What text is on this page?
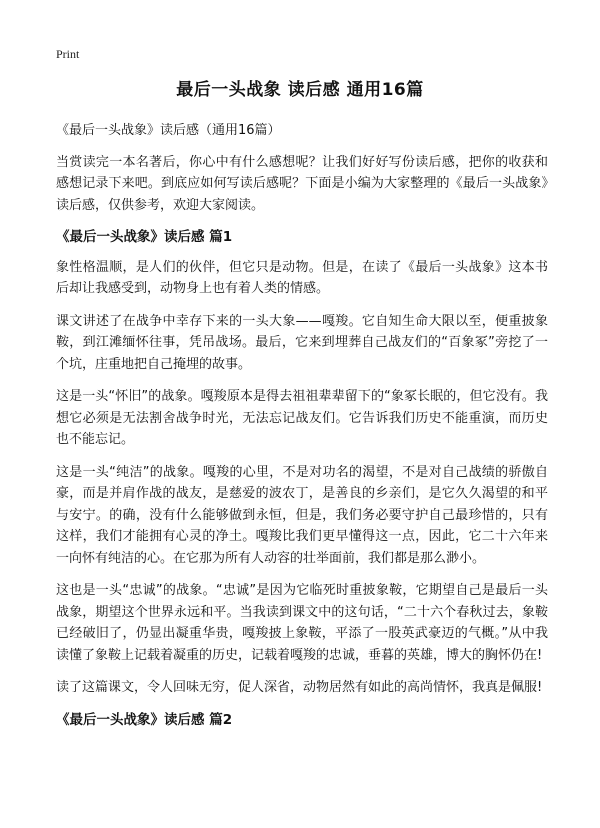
Print
最后一头战象 读后感 通用16篇

《最后一头战象》读后感（通用16篇）

当赏读完一本名著后，你心中有什么感想呢？让我们好好写份读后感，把你的收获和感想记录下来吧。到底应如何写读后感呢？下面是小编为大家整理的《最后一头战象》读后感，仅供参考，欢迎大家阅读。

《最后一头战象》读后感 篇1

象性格温顺，是人们的伙伴，但它只是动物。但是，在读了《最后一头战象》这本书后却让我感受到，动物身上也有着人类的情感。

课文讲述了在战争中幸存下来的一头大象——嘎羧。它自知生命大限以至，便重披象鞍，到江滩缅怀往事，凭吊战场。最后，它来到埋葬自己战友们的“百象冢”旁挖了一个坑，庄重地把自己掩埋的故事。

这是一头“怀旧”的战象。嘎羧原本是得去祖祖辈辈留下的“象冢长眠的，但它没有。我想它必须是无法割舍战争时光，无法忘记战友们。它告诉我们历史不能重演，而历史也不能忘记。

这是一头“纯洁”的战象。嘎羧的心里，不是对功名的渴望，不是对自己战绩的骄傲自豪，而是并肩作战的战友，是慈爱的波农丁，是善良的乡亲们，是它久久渴望的和平与安宁。的确，没有什么能够做到永恒，但是，我们务必要守护自己最珍惜的，只有这样，我们才能拥有心灵的净土。嘎羧比我们更早懂得这一点，因此，它二十六年来一向怀有纯洁的心。在它那为所有人动容的壮举面前，我们都是那么渺小。

这也是一头“忠诚”的战象。“忠诚”是因为它临死时重披象鞍，它期望自己是最后一头战象，期望这个世界永远和平。当我读到课文中的这句话，“二十六个春秋过去，象鞍已经破旧了，仍显出凝重华贵，嘎羧披上象鞍，平添了一股英武豪迈的气概。”从中我读懂了象鞍上记载着凝重的历史，记载着嘎羧的忠诚，垂暮的英雄，博大的胸怀仍在!

读了这篇课文，令人回味无穷，促人深省，动物居然有如此的高尚情怀，我真是佩服!

《最后一头战象》读后感 篇2
